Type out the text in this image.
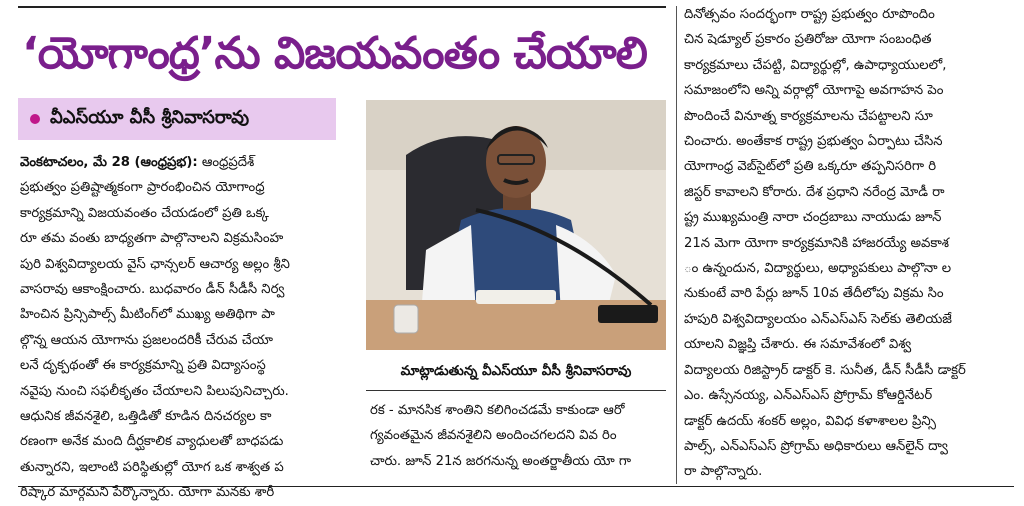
‘యోగాంధ్ర’ను విజయవంతం చేయాలి
వీఎస్‌యూ వీసీ శ్రీనివాసరావు

వెంకటాచలం, మే 28 (ఆంధ్రప్రభ): ఆంధ్రప్రదేశ్

ప్రభుత్వం ప్రతిష్టాత్మకంగా ప్రారంభించిన యోగాంధ్ర

కార్యక్రమాన్ని విజయవంతం చేయడంలో ప్రతి ఒక్క

రూ తమ వంతు బాధ్యతగా పాల్గొనాలని విక్రమసింహ

పురి విశ్వవిద్యాలయ వైస్ ఛాన్సలర్ ఆచార్య అల్లం శ్రీని

వాసరావు ఆకాంక్షించారు. బుధవారం డీన్ సీడీసీ నిర్వ

హించిన ప్రిన్సిపాల్స్ మీటింగ్‌లో ముఖ్య అతిథిగా పా

ల్గొన్న ఆయన యోగాను ప్రజలందరికీ చేరువ చేయా

లనే దృక్పథంతో ఈ కార్యక్రమాన్ని ప్రతి విద్యాసంస్థ

నవైపు నుంచి సఫలీకృతం చేయాలని పిలుపునిచ్చారు.

ఆధునిక జీవనశైలి, ఒత్తిడితో కూడిన దినచర్యల కా

రణంగా అనేక మంది దీర్ఘకాలిక వ్యాధులతో బాధపడు

తున్నారని, ఇలాంటి పరిస్థితుల్లో యోగ ఒక శాశ్వత ప

రిష్కార మార్గమని పేర్కొన్నారు. యోగా మనకు శారీ

మాట్లాడుతున్న వీఎస్‌యూ వీసీ శ్రీనివాసరావు

రక - మానసిక శాంతిని కలిగించడమే కాకుండా ఆరో

గ్యవంతమైన జీవనశైలిని అందించగలదని వివ రిం

చారు. జూన్ 21న జరగనున్న అంతర్జాతీయ యో గా

దినోత్సవం సందర్భంగా రాష్ట్ర ప్రభుత్వం రూపొందిం

చిన షెడ్యూల్ ప్రకారం ప్రతిరోజు యోగా సంబంధిత

కార్యక్రమాలు చేపట్టి, విద్యార్థుల్లో, ఉపాధ్యాయులలో,

సమాజంలోని అన్ని వర్గాల్లో యోగాపై అవగాహన పెం

పొందించే వినూత్న కార్యక్రమాలను చేపట్టాలని సూ

చించారు. అంతేకాక రాష్ట్ర ప్రభుత్వం ఏర్పాటు చేసిన

యోగాంధ్ర వెబ్‌సైట్‌లో ప్రతి ఒక్కరూ తప్పనిసరిగా రి

జిస్టర్ కావాలని కోరారు. దేశ ప్రధాని నరేంద్ర మోడీ రా

ష్ట్ర ముఖ్యమంత్రి నారా చంద్రబాబు నాయుడు జూన్

21న మెగా యోగా కార్యక్రమానికి హాజరయ్యే అవకాశ

ం ఉన్నందున, విద్యార్థులు, అధ్యాపకులు పాల్గొనా ల

నుకుంటే వారి పేర్లు జూన్ 10వ తేదీలోపు విక్రమ సిం

హపురి విశ్వవిద్యాలయం ఎన్ఎస్ఎస్ సెల్‌కు తెలియజే

యాలని విజ్ఞప్తి చేశారు. ఈ సమావేశంలో విశ్వ

విద్యాలయ రిజిస్ట్రార్ డాక్టర్ కె. సునీత, డీన్ సీడీసీ డాక్టర్

ఎం. ఉస్సేనయ్య, ఎన్ఎస్ఎస్ ప్రోగ్రామ్ కోఆర్డినేటర్

డాక్టర్ ఉదయ్ శంకర్ అల్లం, వివిధ కళాశాలల ప్రిన్సి

పాల్స్, ఎన్ఎస్ఎస్ ప్రోగ్రామ్ అధికారులు ఆన్‌లైన్ ద్వా

రా పాల్గొన్నారు.
